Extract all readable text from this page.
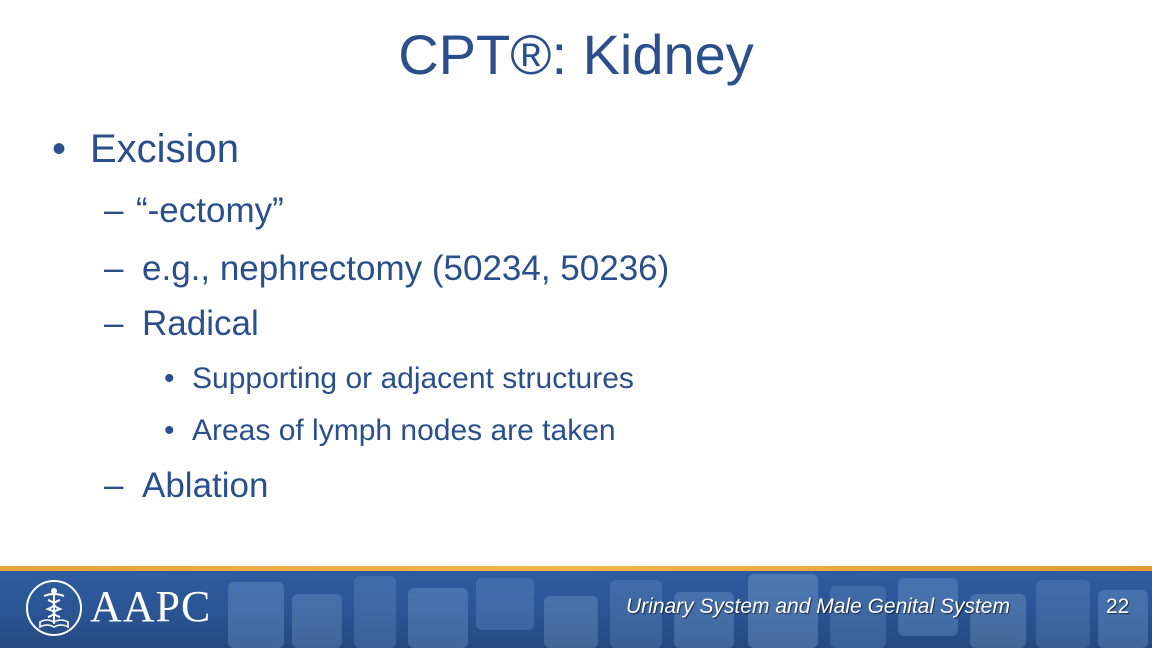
CPT®: Kidney
• Excision
– “-ectomy”
– e.g., nephrectomy (50234, 50236)
– Radical
• Supporting or adjacent structures
• Areas of lymph nodes are taken
– Ablation
AAPC	Urinary System and Male Genital System	22
